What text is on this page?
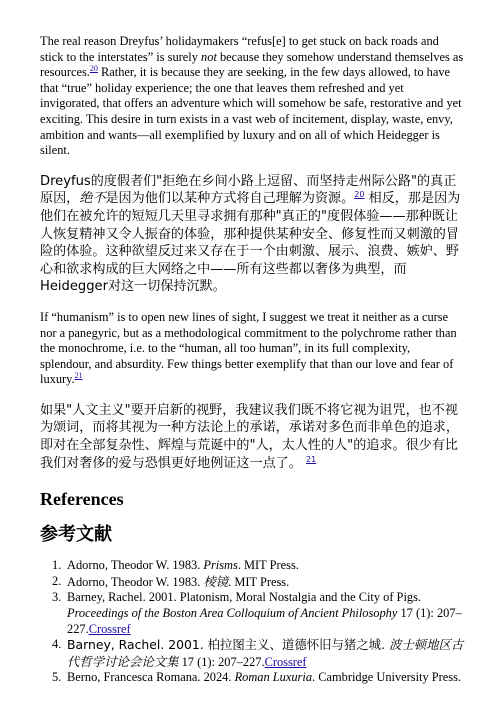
The real reason Dreyfus’ holidaymakers “refus[e] to get stuck on back roads and stick to the interstates” is surely not because they somehow understand themselves as resources.$^{20}$ Rather, it is because they are seeking, in the few days allowed, to have that “true” holiday experience; the one that leaves them refreshed and yet invigorated, that offers an adventure which will somehow be safe, restorative and yet exciting. This desire in turn exists in a vast web of incitement, display, waste, envy, ambition and wants—all exemplified by luxury and on all of which Heidegger is silent.

Dreyfus的度假者们"拒绝在乡间小路上逗留、而坚持走州际公路"的真正原因，绝不是因为他们以某种方式将自己理解为资源。$^{20}$ 相反，那是因为他们在被允许的短短几天里寻求拥有那种"真正的"度假体验——那种既让人恢复精神又令人振奋的体验，那种提供某种安全、修复性而又刺激的冒险的体验。这种欲望反过来又存在于一个由刺激、展示、浪费、嫉妒、野心和欲求构成的巨大网络之中——所有这些都以奢侈为典型，而Heidegger对这一切保持沉默。

If “humanism” is to open new lines of sight, I suggest we treat it neither as a curse nor a panegyric, but as a methodological commitment to the polychrome rather than the monochrome, i.e. to the “human, all too human”, in its full complexity, splendour, and absurdity. Few things better exemplify that than our love and fear of luxury.$^{21}$

如果"人文主义"要开启新的视野，我建议我们既不将它视为诅咒，也不视为颂词，而将其视为一种方法论上的承诺，承诺对多色而非单色的追求，即对在全部复杂性、辉煌与荒诞中的"人，太人性的人"的追求。很少有比我们对奢侈的爱与恐惧更好地例证这一点了。 $^{21}$

References
参考文献
Adorno, Theodor W. 1983. Prisms. MIT Press.
Adorno, Theodor W. 1983. 棱镜. MIT Press.
Barney, Rachel. 2001. Platonism, Moral Nostalgia and the City of Pigs. Proceedings of the Boston Area Colloquium of Ancient Philosophy 17 (1): 207–227.Crossref
Barney, Rachel. 2001. 柏拉图主义、道德怀旧与猪之城. 波士顿地区古代哲学讨论会论文集 17 (1): 207–227.Crossref
Berno, Francesca Romana. 2024. Roman Luxuria. Cambridge University Press.
